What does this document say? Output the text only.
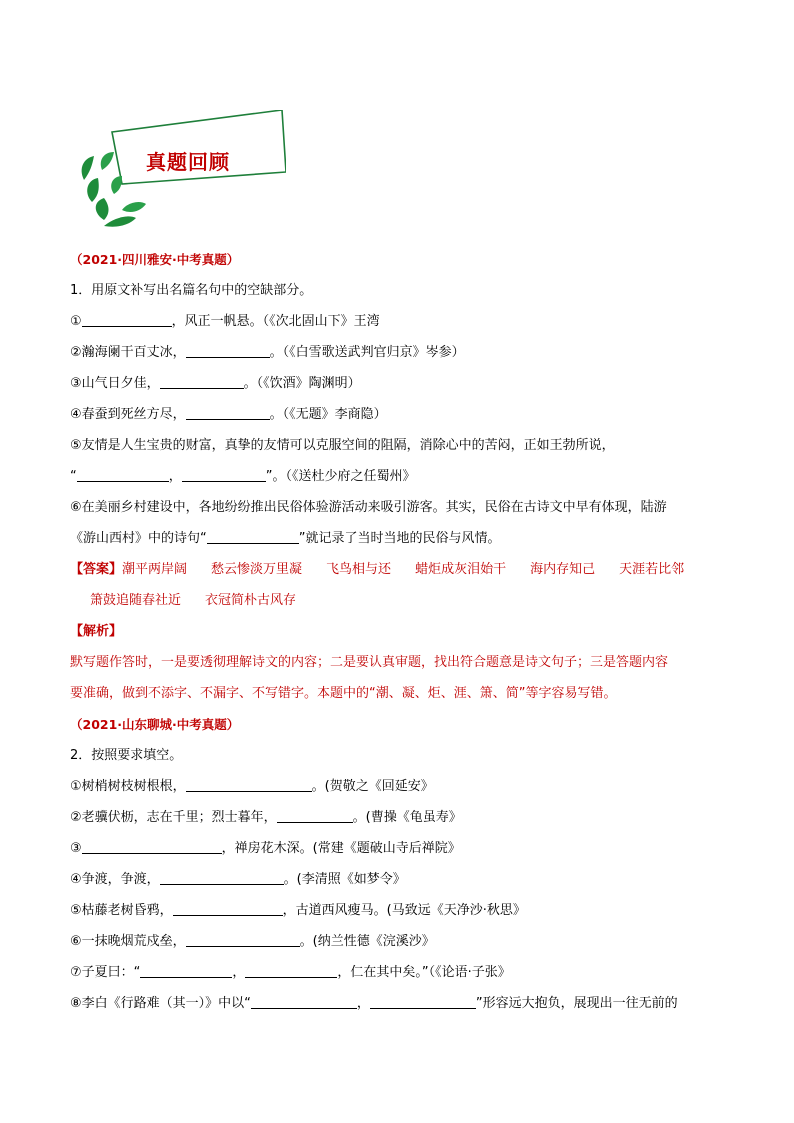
真题回顾
（2021·四川雅安·中考真题）
1．用原文补写出名篇名句中的空缺部分。
①	，风正一帆悬。（《次北固山下》王湾
②瀚海阑干百丈冰，	。（《白雪歌送武判官归京》岑参）
③山气日夕佳，	。（《饮酒》陶渊明）
④春蚕到死丝方尽，	。（《无题》李商隐）
⑤友情是人生宝贵的财富，真挚的友情可以克服空间的阻隔，消除心中的苦闷，正如王勃所说，
“	，	”。（《送杜少府之任蜀州》
⑥在美丽乡村建设中，各地纷纷推出民俗体验游活动来吸引游客。其实，民俗在古诗文中早有体现，陆游
《游山西村》中的诗句“	”就记录了当时当地的民俗与风情。
【答案】潮平两岸阔 愁云惨淡万里凝 飞鸟相与还 蜡炬成灰泪始干 海内存知己 天涯若比邻
箫鼓追随春社近 衣冠简朴古风存
【解析】
默写题作答时，一是要透彻理解诗文的内容；二是要认真审题，找出符合题意是诗文句子；三是答题内容
要准确，做到不添字、不漏字、不写错字。本题中的“潮、凝、炬、涯、箫、简”等字容易写错。
（2021·山东聊城·中考真题）
2．按照要求填空。
①树梢树枝树根根，	。(贺敬之《回延安》
②老骥伏枥，志在千里；烈士暮年，	。(曹操《龟虽寿》
③	，禅房花木深。(常建《题破山寺后禅院》
④争渡，争渡，	。(李清照《如梦令》
⑤枯藤老树昏鸦，	，古道西风瘦马。(马致远《天净沙·秋思》
⑥一抹晚烟荒戍垒，	。(纳兰性德《浣溪沙》
⑦子夏曰：“	，	，仁在其中矣。”（《论语·子张》
⑧李白《行路难（其一）》中以“	，	”形容远大抱负，展现出一往无前的
